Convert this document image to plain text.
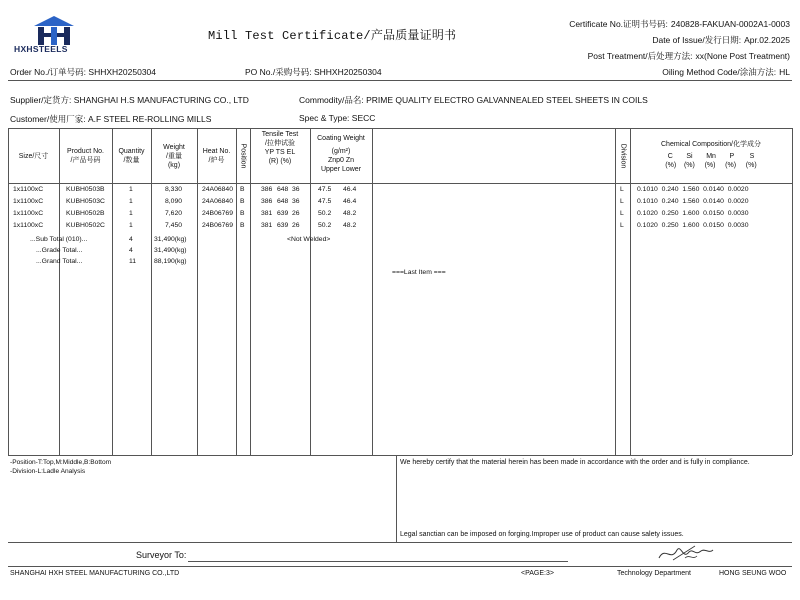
HXHSTEELS
Mill Test Certificate/产品质量证明书
Certificate No.证明书号码: 240828-FAKUAN-0002A1-0003
Date of Issue/发行日期: Apr.02.2025
Post Treatment/后处理方法: xx(None Post Treatment)
Oiling Method Code/涂油方法: HL
Order No./订单号码: SHHXH20250304	PO No./采购号码: SHHXH20250304
Supplier/定货方: SHANGHAI H.S MANUFACTURING CO., LTD	Commodity/品名: PRIME QUALITY ELECTRO GALVANNEALED STEEL SHEETS IN COILS
Customer/使用厂家: A.F STEEL RE-ROLLING MILLS	Spec & Type: SECC
Size/尺寸
Product No.
/产品号码
Quantity
/数量
Weight
/重量
(kg)
Heat No.
/炉号	Position
Tensile Test
/拉伸试验
YP TS EL
(R) (%)
Coating Weight
(g/m²)
Znp0 Zn
Upper Lower
Division	Chemical Composition/化学成分
C       Si       Mn       P        S
(%)    (%)     (%)     (%)     (%)
1x1100xC	KUBH0503B	1	8,330	24A06840 B 386 648 36	47.5 46.4	L 0.1010  0.240  1.560  0.0140  0.0020
1x1100xC	KUBH0503C	1	8,090	24A06840 B 386 648 36	47.5 46.4	L 0.1010  0.240  1.560  0.0140  0.0020
1x1100xC	KUBH0502B	1	7,620	24B06769 B 381 639 26	50.2 48.2	L 0.1020  0.250  1.600  0.0150  0.0030
1x1100xC	KUBH0502C	1	7,450	24B06769 B 381 639 26	50.2 48.2	L 0.1020  0.250  1.600  0.0150  0.0030
...Sub Total (010)...	4	31,490(kg)
...Grade Total...	4	31,490(kg)
...Grand Total...	11	88,190(kg)
<Not Welded>
===Last Item ===
-Position-T:Top,M:Middle,B:Bottom
-Division-L:Ladle Analysis
We hereby certify that the material herein has been made in accordance with the order and is fully in compliance.
Legal sanctian can be imposed on forging.Improper use of product can cause salety issues.
Surveyor To:
SHANGHAI HXH STEEL MANUFACTURING CO.,LTD	<PAGE:3>	Technology Department	HONG SEUNG WOO
